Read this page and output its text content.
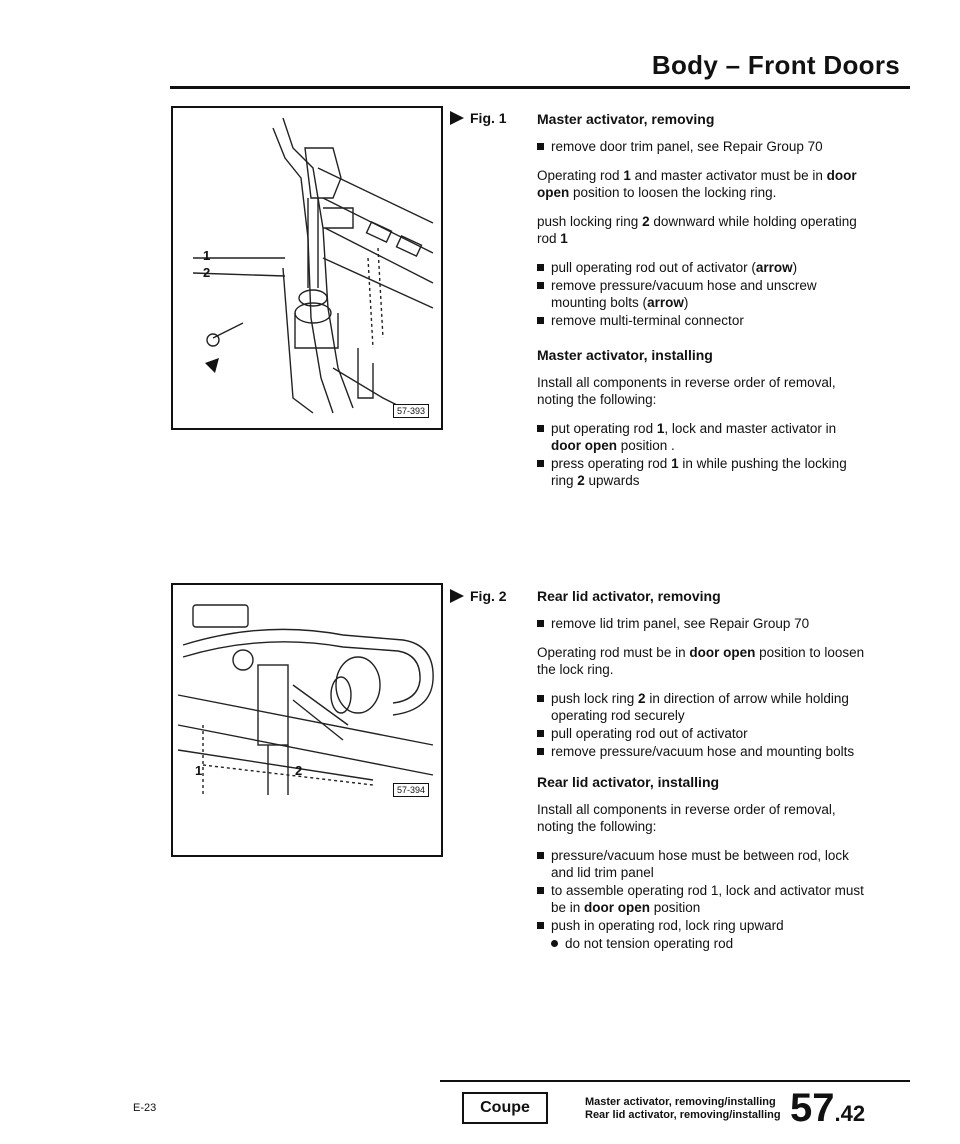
Body – Front Doors
1
2
57-393
Fig. 1
1	2
57-394
Fig. 2
Master activator, removing
remove door trim panel, see Repair Group 70

Operating rod 1 and master activator must be in door open position to loosen the locking ring.

push locking ring 2 downward while holding operating rod 1

pull operating rod out of activator (arrow)
remove pressure/vacuum hose and unscrew mounting bolts (arrow)
remove multi-terminal connector
Master activator, installing

Install all components in reverse order of removal, noting the following:

put operating rod 1, lock and master activator in door open position .
press operating rod 1 in while pushing the locking ring 2 upwards
Rear lid activator, removing
remove lid trim panel, see Repair Group 70

Operating rod must be in door open position to loosen the lock ring.

push lock ring 2 in direction of arrow while holding operating rod securely
pull operating rod out of activator
remove pressure/vacuum hose and mounting bolts
Rear lid activator, installing

Install all components in reverse order of removal, noting the following:

pressure/vacuum hose must be between rod, lock and lid trim panel
to assemble operating rod 1, lock and activator must be in door open position
push in operating rod, lock ring upward
do not tension operating rod
E-23	Coupe	Master activator, removing/installing
Rear lid activator, removing/installing 57.42
